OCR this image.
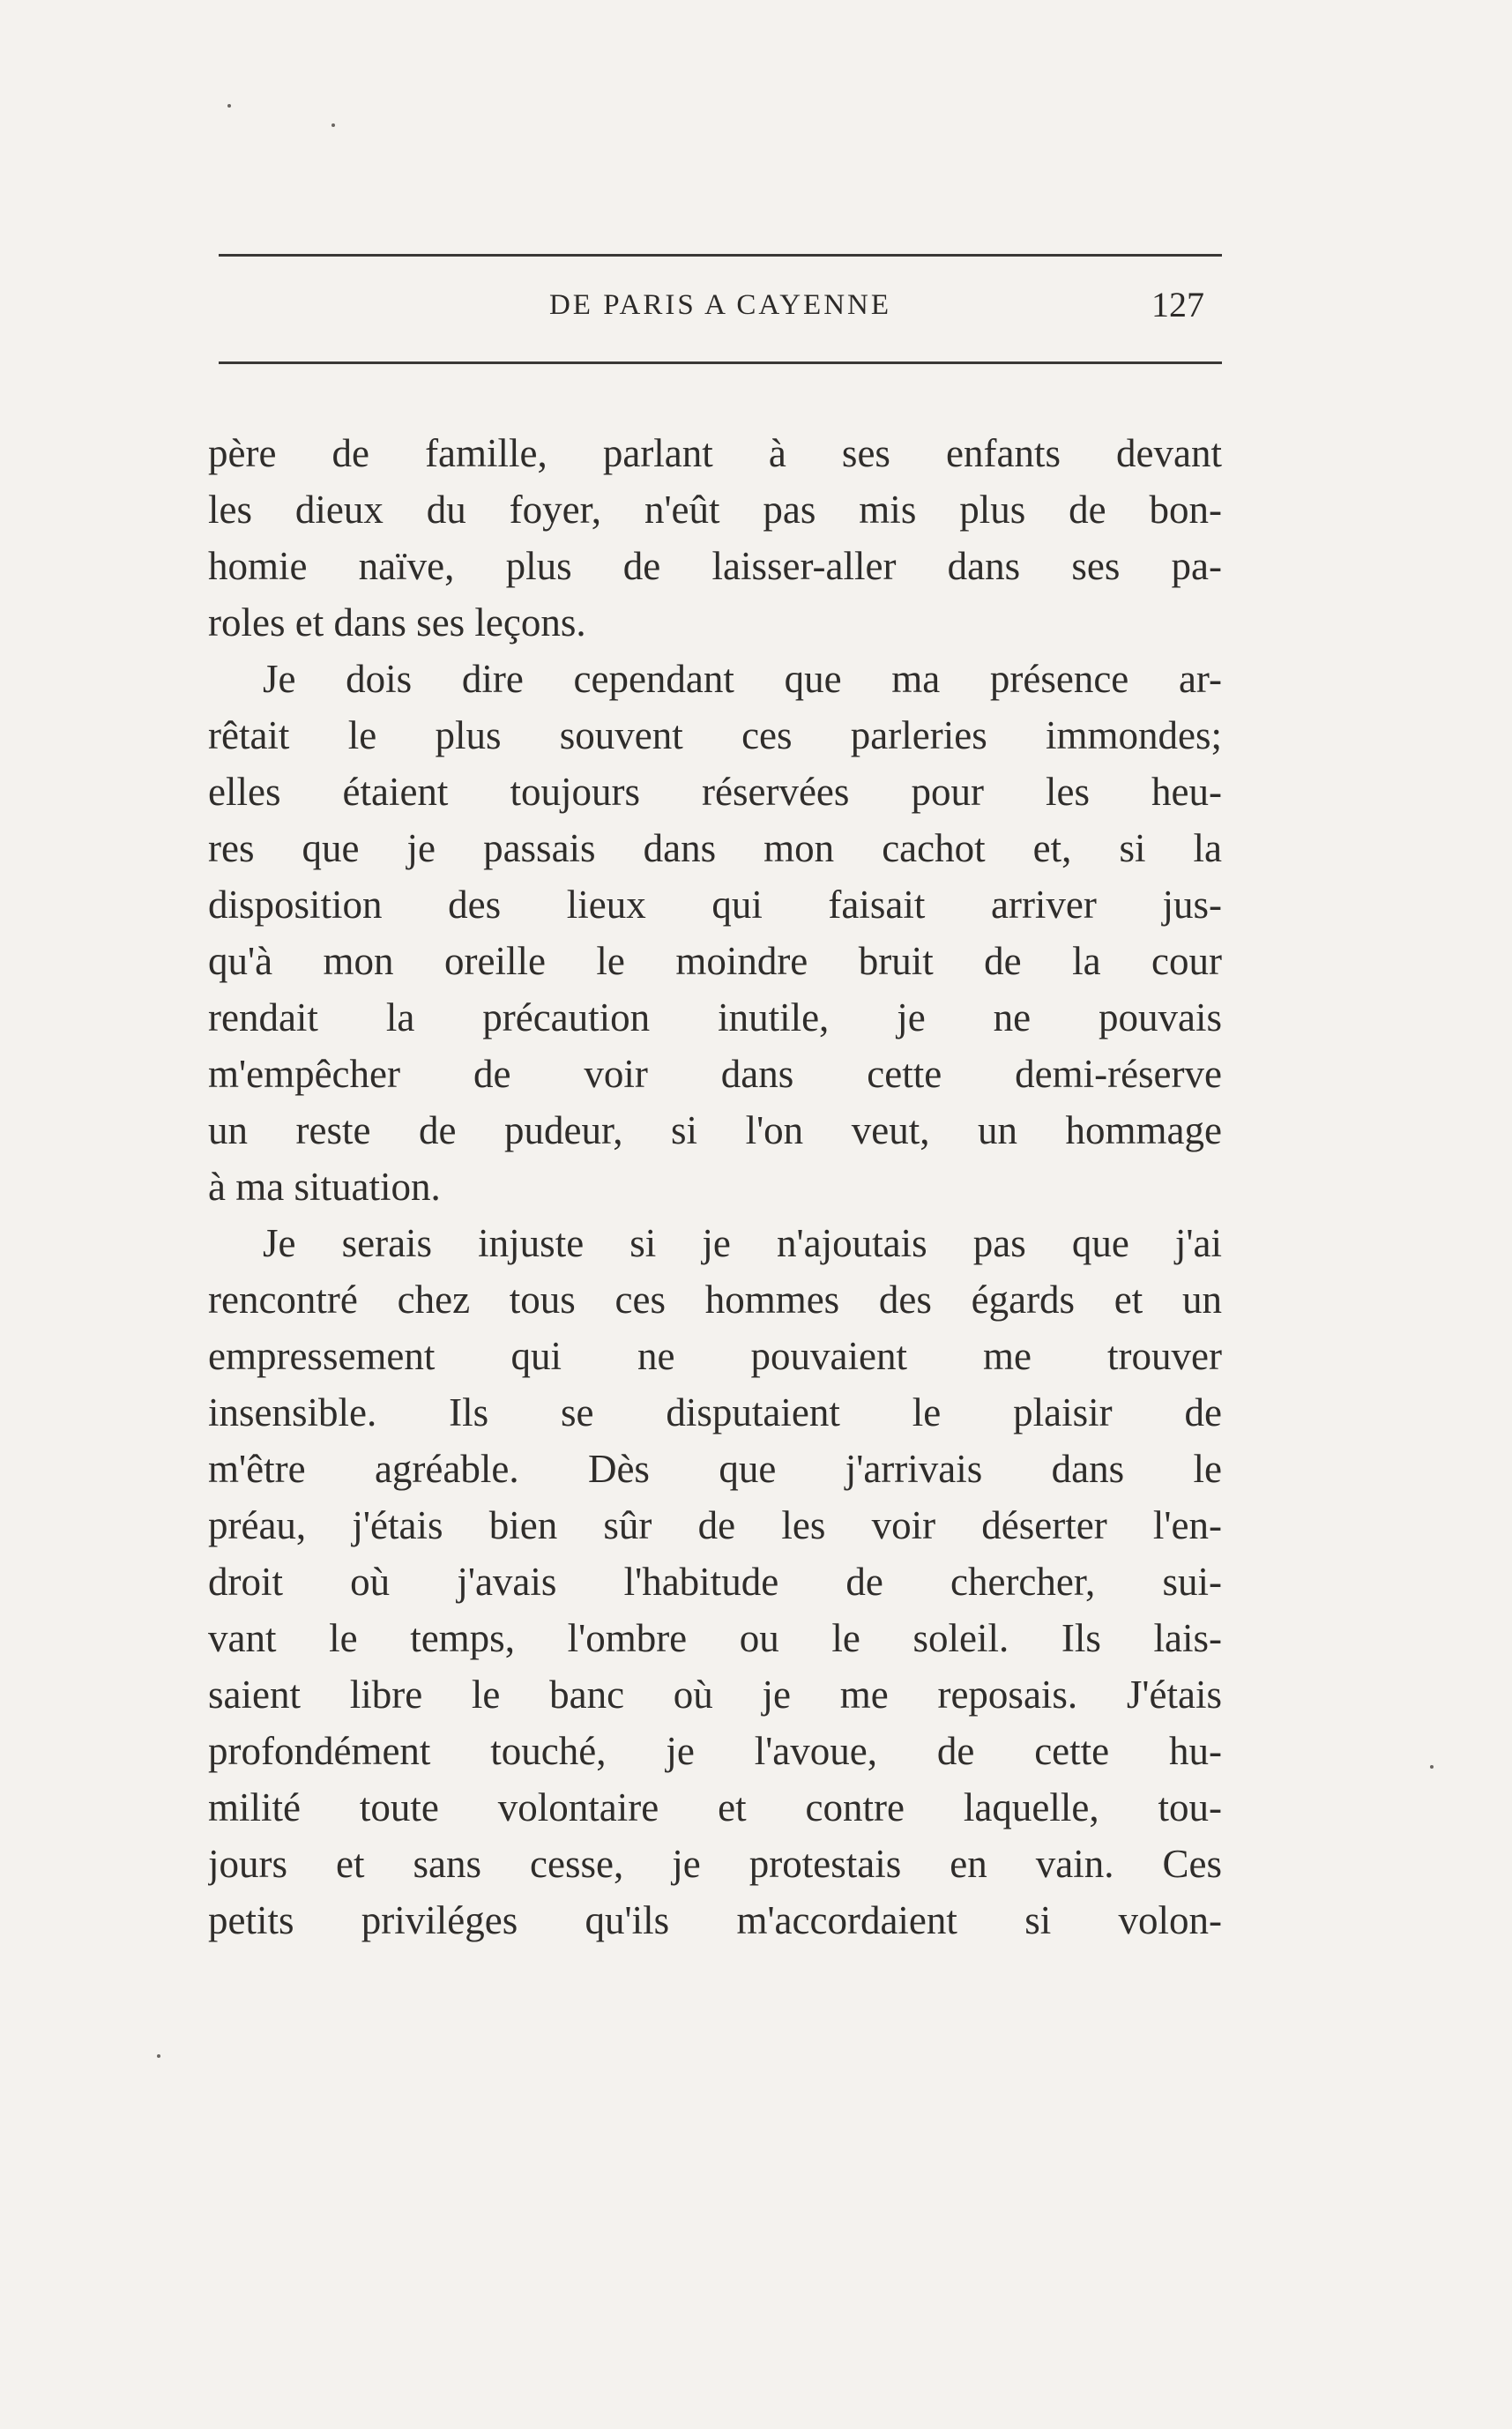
DE PARIS A CAYENNE	127
père de famille, parlant à ses enfants devant
les dieux du foyer, n'eût pas mis plus de bon-
homie naïve, plus de laisser-aller dans ses pa-
roles et dans ses leçons.
Je dois dire cependant que ma présence ar-
rêtait le plus souvent ces parleries immondes;
elles étaient toujours réservées pour les heu-
res que je passais dans mon cachot et, si la
disposition des lieux qui faisait arriver jus-
qu'à mon oreille le moindre bruit de la cour
rendait la précaution inutile, je ne pouvais
m'empêcher de voir dans cette demi-réserve
un reste de pudeur, si l'on veut, un hommage
à ma situation.
Je serais injuste si je n'ajoutais pas que j'ai
rencontré chez tous ces hommes des égards et un
empressement qui ne pouvaient me trouver
insensible. Ils se disputaient le plaisir de
m'être agréable. Dès que j'arrivais dans le
préau, j'étais bien sûr de les voir déserter l'en-
droit où j'avais l'habitude de chercher, sui-
vant le temps, l'ombre ou le soleil. Ils lais-
saient libre le banc où je me reposais. J'étais
profondément touché, je l'avoue, de cette hu-
milité toute volontaire et contre laquelle, tou-
jours et sans cesse, je protestais en vain. Ces
petits priviléges qu'ils m'accordaient si volon-
